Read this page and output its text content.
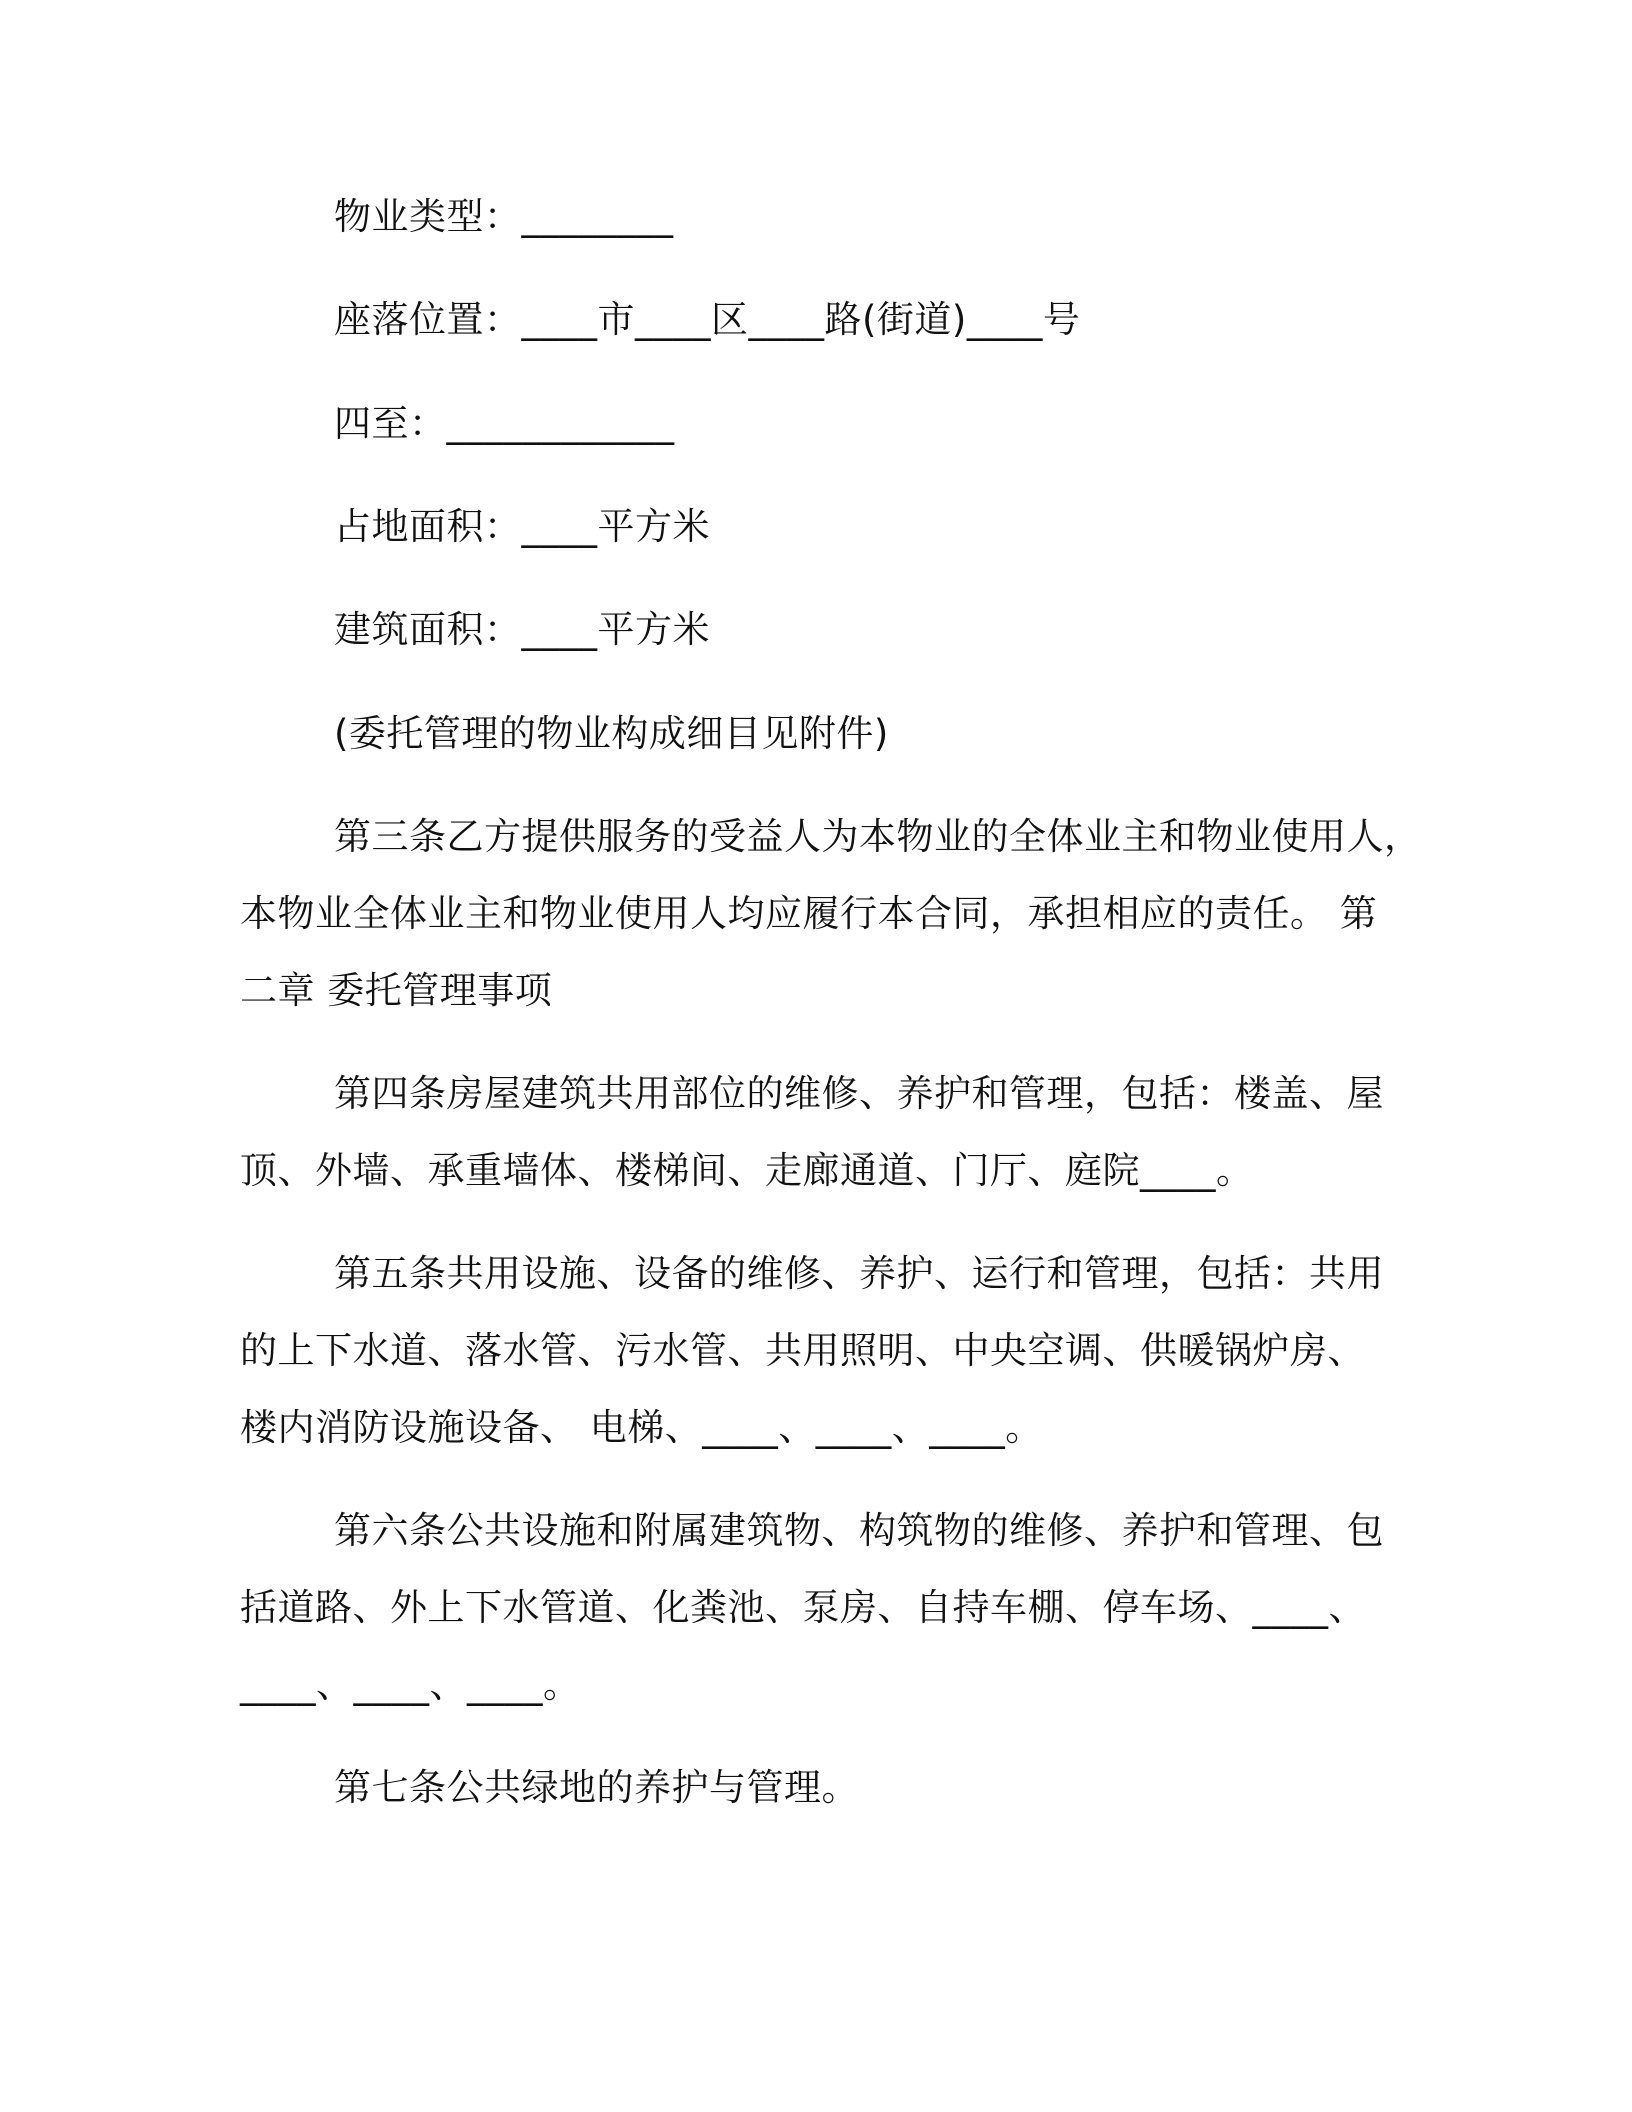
物业类型：________
座落位置：____市____区____路(街道)____号
四至：____________
占地面积：____平方米
建筑面积：____平方米
(委托管理的物业构成细目见附件)
第三条乙方提供服务的受益人为本物业的全体业主和物业使用人，
本物业全体业主和物业使用人均应履行本合同，承担相应的责任。 第
二章 委托管理事项
第四条房屋建筑共用部位的维修、养护和管理，包括：楼盖、屋
顶、外墙、承重墙体、楼梯间、走廊通道、门厅、庭院____。
第五条共用设施、设备的维修、养护、运行和管理，包括：共用
的上下水道、落水管、污水管、共用照明、中央空调、供暖锅炉房、
楼内消防设施设备、 电梯、____、____、____。
第六条公共设施和附属建筑物、构筑物的维修、养护和管理、包
括道路、外上下水管道、化粪池、泵房、自持车棚、停车场、____、
____、____、____。
第七条公共绿地的养护与管理。
